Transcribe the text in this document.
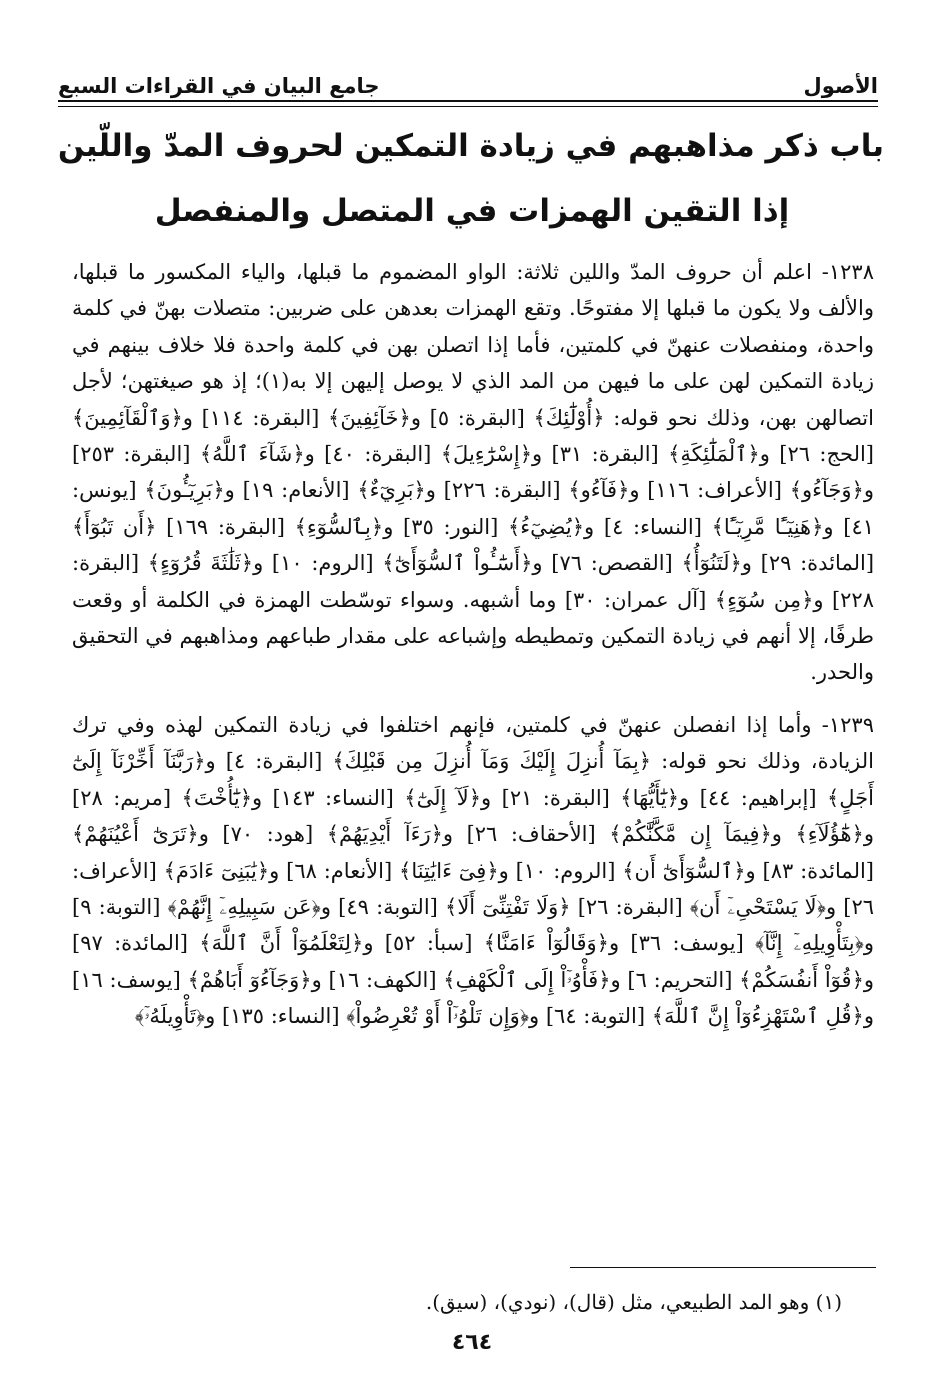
الأصول
جامع البيان في القراءات السبع
باب ذكر مذاهبهم في زيادة التمكين لحروف المدّ واللّين
إذا التقين الهمزات في المتصل والمنفصل

١٢٣٨- اعلم أن حروف المدّ واللين ثلاثة: الواو المضموم ما قبلها، والياء المكسور ما قبلها، والألف ولا يكون ما قبلها إلا مفتوحًا. وتقع الهمزات بعدهن على ضربين: متصلات بهنّ في كلمة واحدة، ومنفصلات عنهنّ في كلمتين، فأما إذا اتصلن بهن في كلمة واحدة فلا خلاف بينهم في زيادة التمكين لهن على ما فيهن من المد الذي لا يوصل إليهن إلا به(١)؛ إذ هو صيغتهن؛ لأجل اتصالهن بهن، وذلك نحو قوله: ﴿أُوْلَٰٓئِكَ﴾ [البقرة: ٥] و﴿خَآئِفِينَ﴾ [البقرة: ١١٤] و﴿وَٱلْقَآئِمِينَ﴾ [الحج: ٢٦] و﴿ٱلْمَلَٰٓئِكَةِ﴾ [البقرة: ٣١] و﴿إِسْرَٰٓءِيلَ﴾ [البقرة: ٤٠] و﴿شَآءَ ٱللَّهُ﴾ [البقرة: ٢٥٣] و﴿وَجَآءُو﴾ [الأعراف: ١١٦] و﴿فَآءُو﴾ [البقرة: ٢٢٦] و﴿بَرِيٓءٌ﴾ [الأنعام: ١٩] و﴿بَرِيٓـُٔونَ﴾ [يونس: ٤١] و﴿هَنِيٓـًٔا مَّرِيٓـًٔا﴾ [النساء: ٤] و﴿يُضِيٓءُ﴾ [النور: ٣٥] و﴿بِٱلسُّوٓءِ﴾ [البقرة: ١٦٩] ﴿أَن تَبُوٓأَ﴾ [المائدة: ٢٩] و﴿لَتَنُوٓأُ﴾ [القصص: ٧٦] و﴿أَسَٰٓـُٔواْ ٱلسُّوٓأَىٰٓ﴾ [الروم: ١٠] و﴿ثَلَٰثَةَ قُرُوٓءٍ﴾ [البقرة: ٢٢٨] و﴿مِن سُوٓءٍ﴾ [آل عمران: ٣٠] وما أشبهه. وسواء توسّطت الهمزة في الكلمة أو وقعت طرفًا، إلا أنهم في زيادة التمكين وتمطيطه وإشباعه على مقدار طباعهم ومذاهبهم في التحقيق والحدر.

١٢٣٩- وأما إذا انفصلن عنهنّ في كلمتين، فإنهم اختلفوا في زيادة التمكين لهذه وفي ترك الزيادة، وذلك نحو قوله: ﴿بِمَآ أُنزِلَ إِلَيْكَ وَمَآ أُنزِلَ مِن قَبْلِكَ﴾ [البقرة: ٤] و﴿رَبَّنَآ أَخِّرْنَآ إِلَىٰٓ أَجَلٍ﴾ [إبراهيم: ٤٤] و﴿يَٰٓأَيُّهَا﴾ [البقرة: ٢١] و﴿لَآ إِلَىٰٓ﴾ [النساء: ١٤٣] و﴿يَٰٓأُخْتَ﴾ [مريم: ٢٨] و﴿هَٰٓؤُلَآءِ﴾ و﴿فِيمَآ إِن مَّكَّنَّٰكُمْ﴾ [الأحقاف: ٢٦] و﴿رَءَآ أَيْدِيَهُمْ﴾ [هود: ٧٠] و﴿تَرَىٰٓ أَعْيُنَهُمْ﴾ [المائدة: ٨٣] و﴿ٱلسُّوٓأَىٰٓ أَن﴾ [الروم: ١٠] و﴿فِىٓ ءَايَٰتِنَا﴾ [الأنعام: ٦٨] و﴿يَٰبَنِىٓ ءَادَمَ﴾ [الأعراف: ٢٦] و﴿لَا يَسْتَحْىِۦٓ أَن﴾ [البقرة: ٢٦] ﴿وَلَا تَفْتِنِّىٓ أَلَا﴾ [التوبة: ٤٩] و﴿عَن سَبِيلِهِۦٓ إِنَّهُمْ﴾ [التوبة: ٩] و﴿بِتَأْوِيلِهِۦٓ إِنَّآ﴾ [يوسف: ٣٦] و﴿وَقَالُوٓاْ ءَامَنَّا﴾ [سبأ: ٥٢] و﴿لِتَعْلَمُوٓاْ أَنَّ ٱللَّهَ﴾ [المائدة: ٩٧] و﴿قُوٓاْ أَنفُسَكُمْ﴾ [التحريم: ٦] و﴿فَأْوُۥٓاْ إِلَى ٱلْكَهْفِ﴾ [الكهف: ١٦] و﴿وَجَآءُوٓ أَبَاهُمْ﴾ [يوسف: ١٦] و﴿قُلِ ٱسْتَهْزِءُوٓاْ إِنَّ ٱللَّهَ﴾ [التوبة: ٦٤] و﴿وَإِن تَلْوُۥٓاْ أَوْ تُعْرِضُواْ﴾ [النساء: ١٣٥] و﴿تَأْوِيلَهُۥٓ﴾

(١) وهو المد الطبيعي، مثل (قال)، (نودي)، (سيق).
٤٦٤
